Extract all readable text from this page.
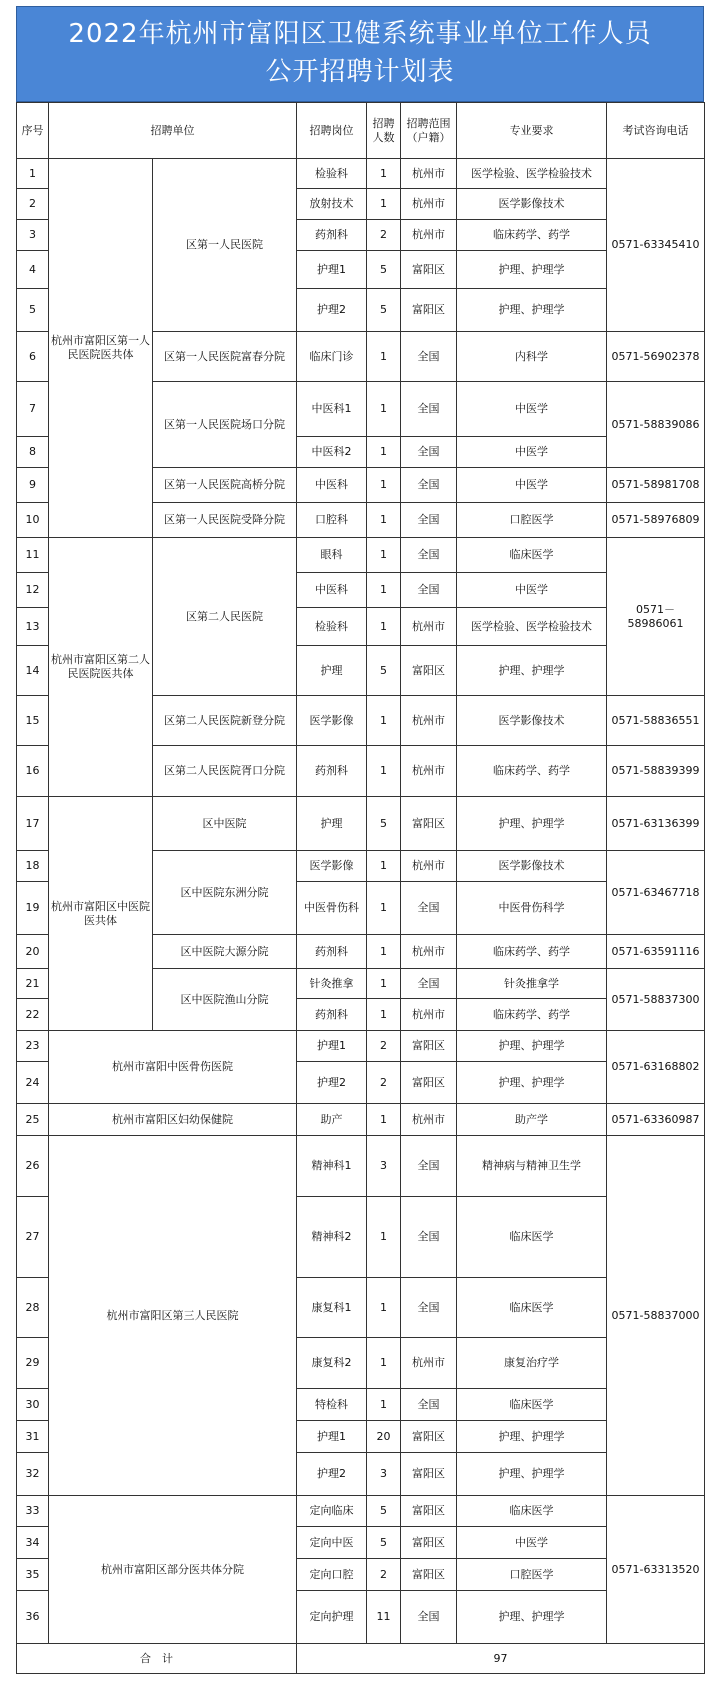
2022年杭州市富阳区卫健系统事业单位工作人员
公开招聘计划表
序号	招聘单位		招聘岗位	招聘人数	招聘范围（户籍）	专业要求	考试咨询电话
1	杭州市富阳区第一人民医院医共体	区第一人民医院	检验科	1	杭州市	医学检验、医学检验技术	0571-63345410
2			放射技术	1	杭州市	医学影像技术	
3			药剂科	2	杭州市	临床药学、药学	
4			护理1	5	富阳区	护理、护理学	
5			护理2	5	富阳区	护理、护理学	
6		区第一人民医院富春分院	临床门诊	1	全国	内科学	0571-56902378
7		区第一人民医院场口分院	中医科1	1	全国	中医学	0571-58839086
8			中医科2	1	全国	中医学	
9		区第一人民医院高桥分院	中医科	1	全国	中医学	0571-58981708
10		区第一人民医院受降分院	口腔科	1	全国	口腔医学	0571-58976809
11	杭州市富阳区第二人民医院医共体	区第二人民医院	眼科	1	全国	临床医学	0571－58986061
12			中医科	1	全国	中医学	
13			检验科	1	杭州市	医学检验、医学检验技术	
14			护理	5	富阳区	护理、护理学	
15		区第二人民医院新登分院	医学影像	1	杭州市	医学影像技术	0571-58836551
16		区第二人民医院胥口分院	药剂科	1	杭州市	临床药学、药学	0571-58839399
17	杭州市富阳区中医院医共体	区中医院	护理	5	富阳区	护理、护理学	0571-63136399
18		区中医院东洲分院	医学影像	1	杭州市	医学影像技术	0571-63467718
19			中医骨伤科	1	全国	中医骨伤科学	
20		区中医院大源分院	药剂科	1	杭州市	临床药学、药学	0571-63591116
21		区中医院渔山分院	针灸推拿	1	全国	针灸推拿学	0571-58837300
22			药剂科	1	杭州市	临床药学、药学	
23	杭州市富阳中医骨伤医院		护理1	2	富阳区	护理、护理学	0571-63168802
24			护理2	2	富阳区	护理、护理学	
25	杭州市富阳区妇幼保健院		助产	1	杭州市	助产学	0571-63360987
26	杭州市富阳区第三人民医院		精神科1	3	全国	精神病与精神卫生学	0571-58837000
27			精神科2	1	全国	临床医学	
28			康复科1	1	全国	临床医学	
29			康复科2	1	杭州市	康复治疗学	
30			特检科	1	全国	临床医学	
31			护理1	20	富阳区	护理、护理学	
32			护理2	3	富阳区	护理、护理学	
33	杭州市富阳区部分医共体分院		定向临床	5	富阳区	临床医学	0571-63313520
34			定向中医	5	富阳区	中医学	
35			定向口腔	2	富阳区	口腔医学	
36			定向护理	11	全国	护理、护理学	
合　计			97				
